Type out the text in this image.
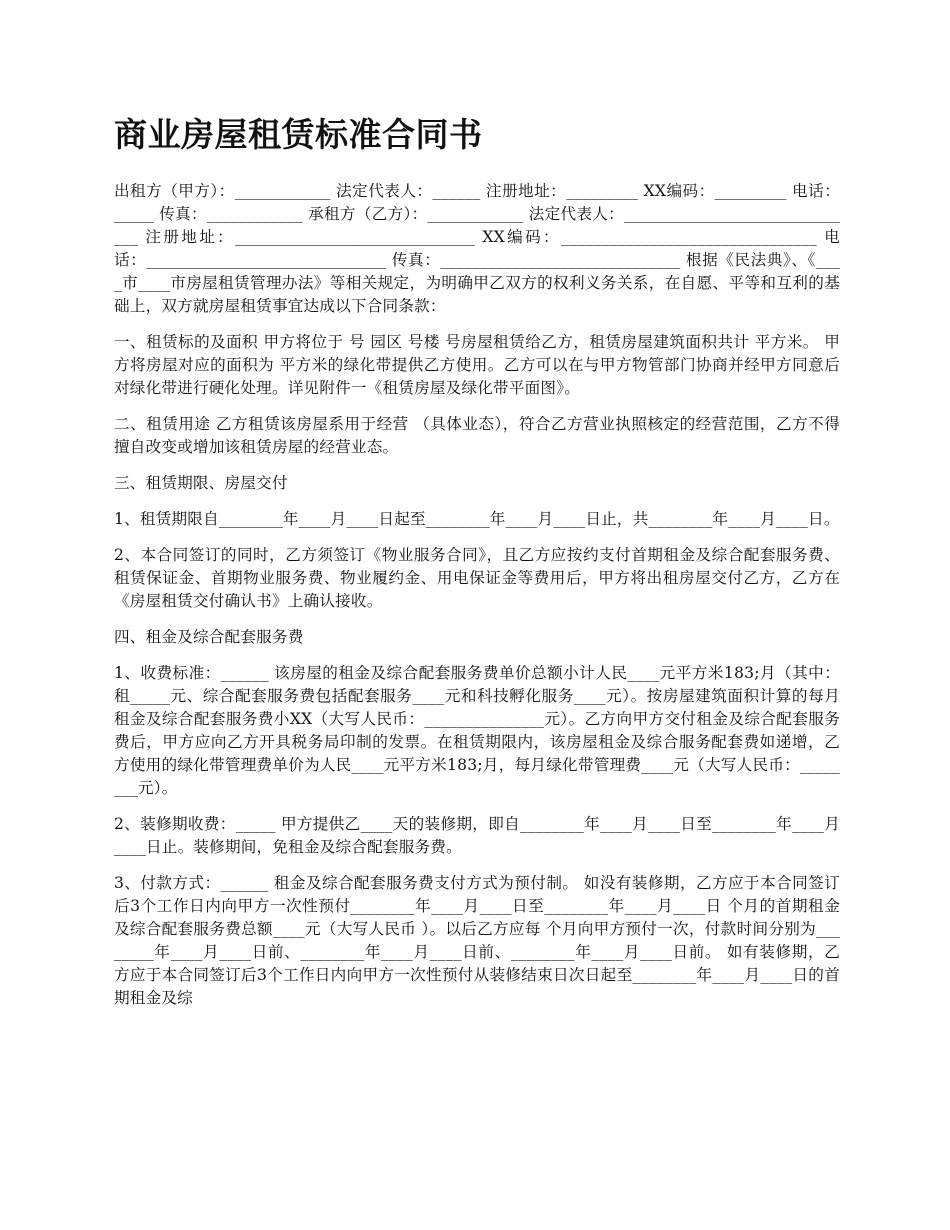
商业房屋租赁标准合同书

出租方（甲方）：____________ 法定代表人：______ 注册地址：_________ XX编码：_________ 电话：_____ 传真：____________ 承租方（乙方）：____________ 法定代表人：______________________________ 注册地址：______________________________ XX编码：________________________________ 电话：______________________________ 传真：______________________________ 根据《民法典》、《____市____市房屋租赁管理办法》等相关规定，为明确甲乙双方的权利义务关系，在自愿、平等和互利的基础上，双方就房屋租赁事宜达成以下合同条款：

一、租赁标的及面积 甲方将位于 号 园区 号楼 号房屋租赁给乙方，租赁房屋建筑面积共计 平方米。 甲方将房屋对应的面积为 平方米的绿化带提供乙方使用。乙方可以在与甲方物管部门协商并经甲方同意后对绿化带进行硬化处理。详见附件一《租赁房屋及绿化带平面图》。

二、租赁用途 乙方租赁该房屋系用于经营 （具体业态），符合乙方营业执照核定的经营范围，乙方不得擅自改变或增加该租赁房屋的经营业态。

三、租赁期限、房屋交付

1、租赁期限自________年____月____日起至________年____月____日止，共________年____月____日。

2、本合同签订的同时，乙方须签订《物业服务合同》，且乙方应按约支付首期租金及综合配套服务费、租赁保证金、首期物业服务费、物业履约金、用电保证金等费用后，甲方将出租房屋交付乙方，乙方在《房屋租赁交付确认书》上确认接收。

四、租金及综合配套服务费

1、收费标准：______ 该房屋的租金及综合配套服务费单价总额小计人民____元平方米183;月（其中：租_____元、综合配套服务费包括配套服务____元和科技孵化服务____元）。按房屋建筑面积计算的每月租金及综合配套服务费小XX（大写人民币：_______________元）。乙方向甲方交付租金及综合配套服务费后，甲方应向乙方开具税务局印制的发票。在租赁期限内，该房屋租金及综合服务配套费如递增，乙方使用的绿化带管理费单价为人民____元平方米183;月，每月绿化带管理费____元（大写人民币：________元）。

2、装修期收费：_____ 甲方提供乙____天的装修期，即自________年____月____日至________年____月____日止。装修期间，免租金及综合配套服务费。

3、付款方式：______ 租金及综合配套服务费支付方式为预付制。 如没有装修期，乙方应于本合同签订后3个工作日内向甲方一次性预付________年____月____日至________年____月____日 个月的首期租金及综合配套服务费总额____元（大写人民币 ）。以后乙方应每 个月向甲方预付一次，付款时间分别为________年____月____日前、________年____月____日前、________年____月____日前。 如有装修期，乙方应于本合同签订后3个工作日内向甲方一次性预付从装修结束日次日起至________年____月____日的首期租金及综
